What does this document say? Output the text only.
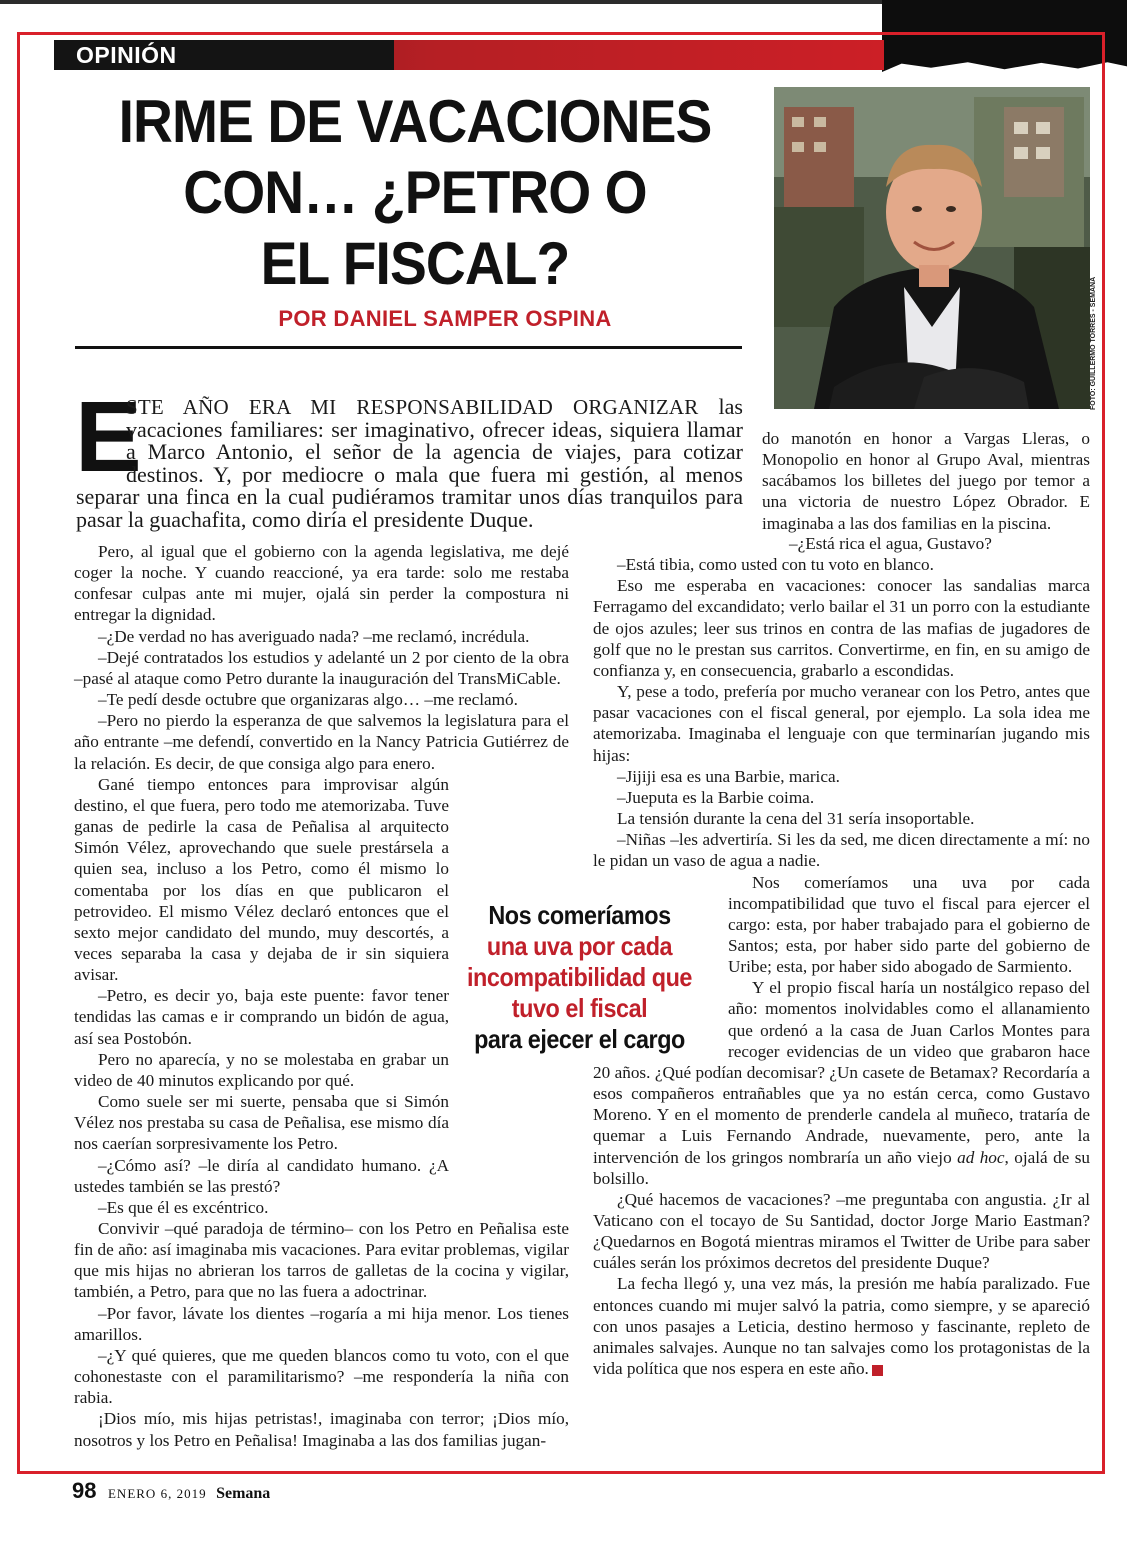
OPINIÓN
IRME DE VACACIONES
CON… ¿PETRO O
EL FISCAL?
POR DANIEL SAMPER OSPINA	FOTO: GUILLERMO TORRES - SEMANA
E

STE AÑO ERA MI RESPONSABILIDAD ORGANIZAR las vacaciones familiares: ser imaginativo, ofrecer ideas, siquiera llamar a Marco Antonio, el señor de la agencia de viajes, para cotizar destinos. Y, por mediocre o mala que fuera mi gestión, al menos separar una finca en la cual pudiéramos tramitar unos días tranquilos para pasar la guachafita, como diría el presidente Duque.

do manotón en honor a Vargas Lleras, o Monopolio en honor al Grupo Aval, mientras sacábamos los billetes del juego por temor a una victoria de nuestro López Obrador. E imaginaba a las dos familias en la piscina.

Pero, al igual que el gobierno con la agenda legislativa, me dejé coger la noche. Y cuando reaccioné, ya era tarde: solo me restaba confesar culpas ante mi mujer, ojalá sin perder la compostura ni entregar la dignidad.

–¿De verdad no has averiguado nada? –me reclamó, incrédula.

–Dejé contratados los estudios y adelanté un 2 por ciento de la obra –pasé al ataque como Petro durante la inauguración del TransMiCable.

–Te pedí desde octubre que organizaras algo… –me reclamó.

–Pero no pierdo la esperanza de que salvemos la legislatura para el año entrante –me defendí, convertido en la Nancy Patricia Gutiérrez de la relación. Es decir, de que consiga algo para enero.

Gané tiempo entonces para improvisar algún destino, el que fuera, pero todo me atemorizaba. Tuve ganas de pedirle la casa de Peñalisa al arquitecto Simón Vélez, aprovechando que suele prestársela a quien sea, incluso a los Petro, como él mismo lo comentaba por los días en que publicaron el petrovideo. El mismo Vélez declaró entonces que el sexto mejor candidato del mundo, muy descortés, a veces separaba la casa y dejaba de ir sin siquiera avisar.

–Petro, es decir yo, baja este puente: favor tener tendidas las camas e ir comprando un bidón de agua, así sea Postobón.

Pero no aparecía, y no se molestaba en grabar un video de 40 minutos explicando por qué.

Como suele ser mi suerte, pensaba que si Simón Vélez nos prestaba su casa de Peñalisa, ese mismo día nos caerían sorpresivamente los Petro.

–¿Cómo así? –le diría al candidato humano. ¿A ustedes también se las prestó?

–Es que él es excéntrico.

Convivir –qué paradoja de término– con los Petro en Peñalisa este fin de año: así imaginaba mis vacaciones. Para evitar problemas, vigilar que mis hijas no abrieran los tarros de galletas de la cocina y vigilar, también, a Petro, para que no las fuera a adoctrinar.

–Por favor, lávate los dientes –rogaría a mi hija menor. Los tienes amarillos.

–¿Y qué quieres, que me queden blancos como tu voto, con el que cohonestaste con el paramilitarismo? –me respondería la niña con rabia.

¡Dios mío, mis hijas petristas!, imaginaba con terror; ¡Dios mío, nosotros y los Petro en Peñalisa! Imaginaba a las dos familias jugan-

–¿Está rica el agua, Gustavo?

–Está tibia, como usted con tu voto en blanco.

Eso me esperaba en vacaciones: conocer las sandalias marca Ferragamo del excandidato; verlo bailar el 31 un porro con la estudiante de ojos azules; leer sus trinos en contra de las mafias de jugadores de golf que no le prestan sus carritos. Convertirme, en fin, en su amigo de confianza y, en consecuencia, grabarlo a escondidas.

Y, pese a todo, prefería por mucho veranear con los Petro, antes que pasar vacaciones con el fiscal general, por ejemplo. La sola idea me atemorizaba. Imaginaba el lenguaje con que terminarían jugando mis hijas:

–Jijiji esa es una Barbie, marica.

–Jueputa es la Barbie coima.

La tensión durante la cena del 31 sería insoportable.

–Niñas –les advertiría. Si les da sed, me dicen directamente a mí: no le pidan un vaso de agua a nadie.

Nos comeríamos una uva por cada incompatibilidad que tuvo el fiscal para ejercer el cargo: esta, por haber trabajado para el gobierno de Santos; esta, por haber sido parte del gobierno de Uribe; esta, por haber sido abogado de Sarmiento.

Y el propio fiscal haría un nostálgico repaso del año: momentos inolvidables como el allanamiento que ordenó a la casa de Juan Carlos Montes para recoger evidencias de un video que grabaron hace 20 años. ¿Qué podían decomisar? ¿Un casete de Betamax? Recordaría a esos compañeros entrañables que ya no están cerca, como Gustavo Moreno. Y en el momento de prenderle candela al muñeco, trataría de quemar a Luis Fernando Andrade, nuevamente, pero, ante la intervención de los gringos nombraría un año viejo ad hoc, ojalá de su bolsillo.

¿Qué hacemos de vacaciones? –me preguntaba con angustia. ¿Ir al Vaticano con el tocayo de Su Santidad, doctor Jorge Mario Eastman? ¿Quedarnos en Bogotá mientras miramos el Twitter de Uribe para saber cuáles serán los próximos decretos del presidente Duque?

La fecha llegó y, una vez más, la presión me había paralizado. Fue entonces cuando mi mujer salvó la patria, como siempre, y se apareció con unos pasajes a Leticia, destino hermoso y fascinante, repleto de animales salvajes. Aunque no tan salvajes como los protagonistas de la vida política que nos espera en este año.

Nos comeríamos
una uva por cada incompatibilidad que tuvo el fiscal
para ejecer el cargo
98 ENERO 6, 2019 Semana
